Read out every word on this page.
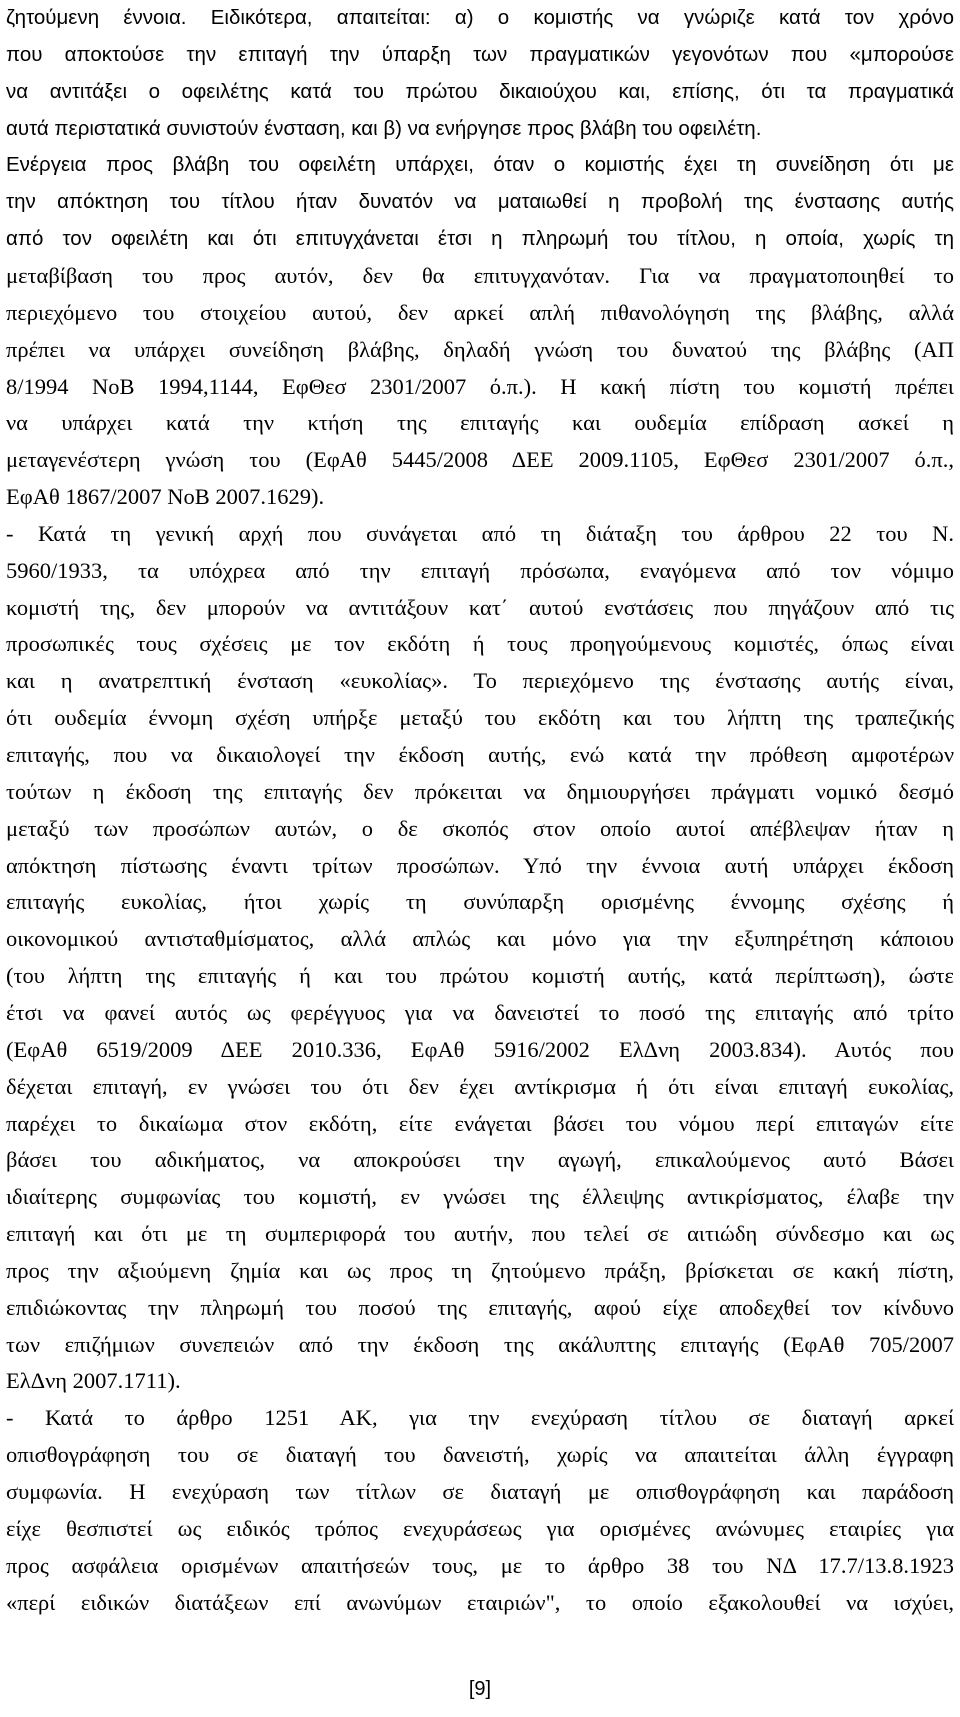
ζητούμενη έννοια. Ειδικότερα, απαιτείται: α) ο κομιστής να γνώριζε κατά τον χρόνο
που αποκτούσε την επιταγή την ύπαρξη των πραγματικών γεγονότων που «μπορούσε
να αντιτάξει ο οφειλέτης κατά του πρώτου δικαιούχου και, επίσης, ότι τα πραγματικά
αυτά περιστατικά συνιστούν ένσταση, και β) να ενήργησε προς βλάβη του οφειλέτη.
Ενέργεια προς βλάβη του οφειλέτη υπάρχει, όταν ο κομιστής έχει τη συνείδηση ότι με
την απόκτηση του τίτλου ήταν δυνατόν να ματαιωθεί η προβολή της ένστασης αυτής
από τον οφειλέτη και ότι επιτυγχάνεται έτσι η πληρωμή του τίτλου, η οποία, χωρίς τη
μεταβίβαση του προς αυτόν, δεν θα επιτυγχανόταν. Για να πραγματοποιηθεί το
περιεχόμενο του στοιχείου αυτού, δεν αρκεί απλή πιθανολόγηση της βλάβης, αλλά
πρέπει να υπάρχει συνείδηση βλάβης, δηλαδή γνώση του δυνατού της βλάβης (ΑΠ
8/1994 ΝοΒ 1994,1144, ΕφΘεσ 2301/2007 ό.π.). Η κακή πίστη του κομιστή πρέπει
να υπάρχει κατά την κτήση της επιταγής και ουδεμία επίδραση ασκεί η
μεταγενέστερη γνώση του (ΕφΑθ 5445/2008 ΔΕΕ 2009.1105, ΕφΘεσ 2301/2007 ό.π.,
ΕφΑθ 1867/2007 ΝοΒ 2007.1629).
- Κατά τη γενική αρχή που συνάγεται από τη διάταξη του άρθρου 22 του Ν.
5960/1933, τα υπόχρεα από την επιταγή πρόσωπα, εναγόμενα από τον νόμιμο
κομιστή της, δεν μπορούν να αντιτάξουν κατ΄ αυτού ενστάσεις που πηγάζουν από τις
προσωπικές τους σχέσεις με τον εκδότη ή τους προηγούμενους κομιστές, όπως είναι
και η ανατρεπτική ένσταση «ευκολίας». Το περιεχόμενο της ένστασης αυτής είναι,
ότι ουδεμία έννομη σχέση υπήρξε μεταξύ του εκδότη και του λήπτη της τραπεζικής
επιταγής, που να δικαιολογεί την έκδοση αυτής, ενώ κατά την πρόθεση αμφοτέρων
τούτων η έκδοση της επιταγής δεν πρόκειται να δημιουργήσει πράγματι νομικό δεσμό
μεταξύ των προσώπων αυτών, ο δε σκοπός στον οποίο αυτοί απέβλεψαν ήταν η
απόκτηση πίστωσης έναντι τρίτων προσώπων. Υπό την έννοια αυτή υπάρχει έκδοση
επιταγής ευκολίας, ήτοι χωρίς τη συνύπαρξη ορισμένης έννομης σχέσης ή
οικονομικού αντισταθμίσματος, αλλά απλώς και μόνο για την εξυπηρέτηση κάποιου
(του λήπτη της επιταγής ή και του πρώτου κομιστή αυτής, κατά περίπτωση), ώστε
έτσι να φανεί αυτός ως φερέγγυος για να δανειστεί το ποσό της επιταγής από τρίτο
(ΕφΑθ 6519/2009 ΔΕΕ 2010.336, ΕφΑθ 5916/2002 ΕλΔνη 2003.834). Αυτός που
δέχεται επιταγή, εν γνώσει του ότι δεν έχει αντίκρισμα ή ότι είναι επιταγή ευκολίας,
παρέχει το δικαίωμα στον εκδότη, είτε ενάγεται βάσει του νόμου περί επιταγών είτε
βάσει του αδικήματος, να αποκρούσει την αγωγή, επικαλούμενος αυτό Βάσει
ιδιαίτερης συμφωνίας του κομιστή, εν γνώσει της έλλειψης αντικρίσματος, έλαβε την
επιταγή και ότι με τη συμπεριφορά του αυτήν, που τελεί σε αιτιώδη σύνδεσμο και ως
προς την αξιούμενη ζημία και ως προς τη ζητούμενο πράξη, βρίσκεται σε κακή πίστη,
επιδιώκοντας την πληρωμή του ποσού της επιταγής, αφού είχε αποδεχθεί τον κίνδυνο
των επιζήμιων συνεπειών από την έκδοση της ακάλυπτης επιταγής (ΕφΑθ 705/2007
ΕλΔνη 2007.1711).
- Κατά το άρθρο 1251 ΑΚ, για την ενεχύραση τίτλου σε διαταγή αρκεί
οπισθογράφηση του σε διαταγή του δανειστή, χωρίς να απαιτείται άλλη έγγραφη
συμφωνία. Η ενεχύραση των τίτλων σε διαταγή με οπισθογράφηση και παράδοση
είχε θεσπιστεί ως ειδικός τρόπος ενεχυράσεως για ορισμένες ανώνυμες εταιρίες για
προς ασφάλεια ορισμένων απαιτήσεών τους, με το άρθρο 38 του ΝΔ 17.7/13.8.1923
«περί ειδικών διατάξεων επί ανωνύμων εταιριών", το οποίο εξακολουθεί να ισχύει,
[9]
